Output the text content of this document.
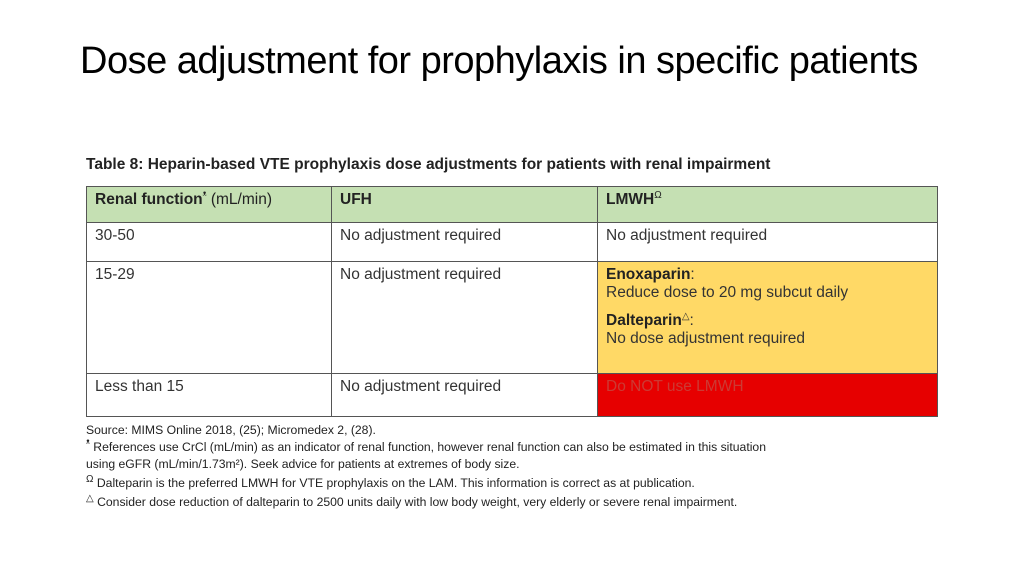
Dose adjustment for prophylaxis in specific patients
Table 8: Heparin-based VTE prophylaxis dose adjustments for patients with renal impairment
Renal function$^ᵜ$ (mL/min)	UFH	$LMWH^\Omega$
30-50	No adjustment required	No adjustment required
15-29	No adjustment required	Enoxaparin:
Reduce dose to 20 mg subcut daily
Dalteparin△:
No dose adjustment required

Less than 15	No adjustment required	Do NOT use LMWH
Source: MIMS Online 2018, (25); Micromedex 2, (28).
$^ᵜ$ References use CrCl (mL/min) as an indicator of renal function, however renal function can also be estimated in this situation
using eGFR (mL/min/1.73m²). Seek advice for patients at extremes of body size.
$^\Omega$ Dalteparin is the preferred LMWH for VTE prophylaxis on the LAM. This information is correct as at publication.
△ Consider dose reduction of dalteparin to 2500 units daily with low body weight, very elderly or severe renal impairment.
